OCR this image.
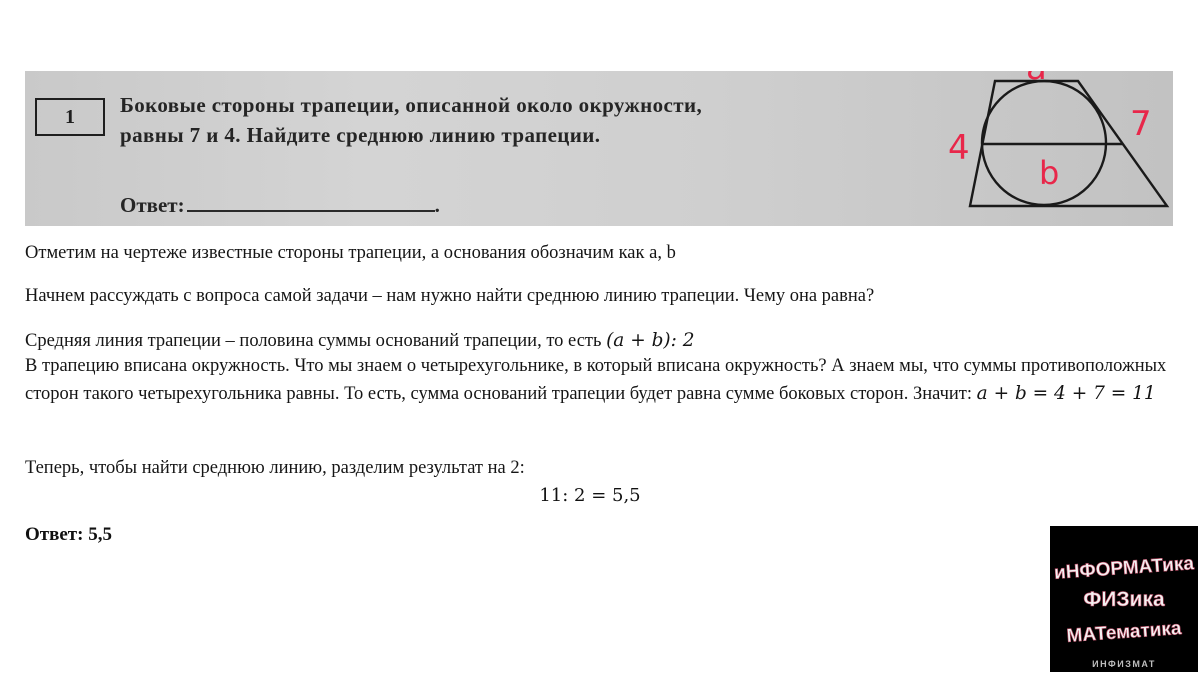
1	Боковые стороны трапеции, описанной около окружности,
равны 7 и 4. Найдите среднюю линию трапеции.
Ответ:	.
a
b
4
7
Отметим на чертеже известные стороны трапеции, а основания обозначим как a, b
Начнем рассуждать с вопроса самой задачи – нам нужно найти среднюю линию трапеции. Чему она равна?
Средняя линия трапеции – половина суммы оснований трапеции, то есть (a + b): 2
В трапецию вписана окружность. Что мы знаем о четырехугольнике, в который вписана окружность? А знаем мы, что суммы противоположных сторон такого четырехугольника равны. То есть, сумма оснований трапеции будет равна сумме боковых сторон. Значит: a + b = 4 + 7 = 11
Теперь, чтобы найти среднюю линию, разделим результат на 2:
11: 2 = 5,5
Ответ: 5,5
иНФОРМАТика
ФИЗика
МАТематика
ИНФИЗМАТ
